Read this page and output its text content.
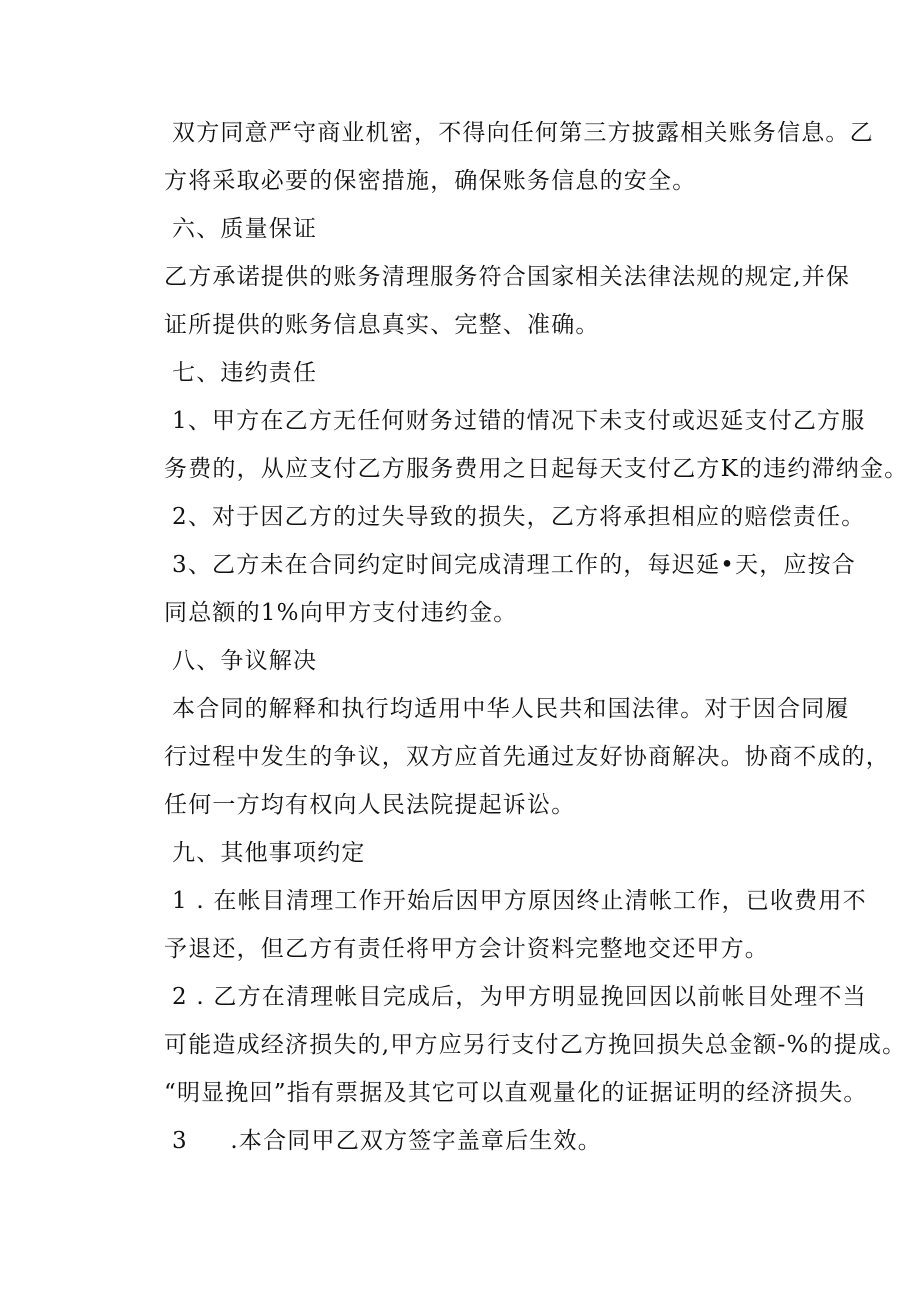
双方同意严守商业机密，不得向任何第三方披露相关账务信息。乙
方将采取必要的保密措施，确保账务信息的安全。
六、质量保证
乙方承诺提供的账务清理服务符合国家相关法律法规的规定,并保
证所提供的账务信息真实、完整、准确。
七、违约责任
1、甲方在乙方无任何财务过错的情况下未支付或迟延支付乙方服
务费的，从应支付乙方服务费用之日起每天支付乙方K的违约滞纳金。
2、对于因乙方的过失导致的损失，乙方将承担相应的赔偿责任。
3、乙方未在合同约定时间完成清理工作的，每迟延•天，应按合
同总额的1%向甲方支付违约金。
八、争议解决
本合同的解释和执行均适用中华人民共和国法律。对于因合同履
行过程中发生的争议，双方应首先通过友好协商解决。协商不成的，
任何一方均有权向人民法院提起诉讼。
九、其他事项约定
1 . 在帐目清理工作开始后因甲方原因终止清帐工作，已收费用不
予退还，但乙方有责任将甲方会计资料完整地交还甲方。
2 . 乙方在清理帐目完成后，为甲方明显挽回因以前帐目处理不当
可能造成经济损失的,甲方应另行支付乙方挽回损失总金额-%的提成。
“明显挽回”指有票据及其它可以直观量化的证据证明的经济损失。
3     .本合同甲乙双方签字盖章后生效。
